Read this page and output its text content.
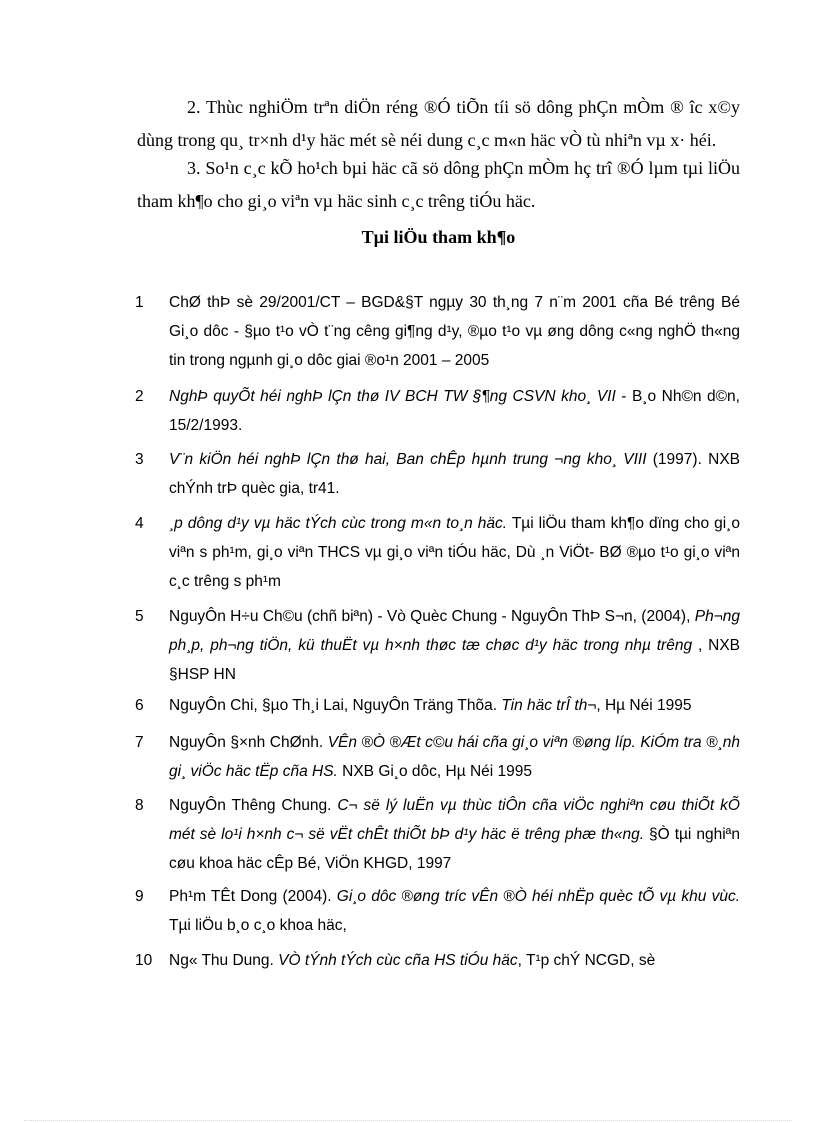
2. Thùc nghiÖm trªn diÖn réng ®Ó tiÕn tíi sö dông phÇn mÒm ® îc x©y dùng trong qu¸ tr×nh d¹y häc mét sè néi dung c¸c m«n häc vÒ tù nhiªn vµ x· héi.
3. So¹n c¸c kÕ ho¹ch bµi häc cã sö dông phÇn mÒm hç trî ®Ó lµm tµi liÖu tham kh¶o cho gi¸o viªn vµ häc sinh c¸c trêng tiÓu häc.
Tµi liÖu tham kh¶o
1	ChØ thÞ sè 29/2001/CT – BGD&§T ngµy 30 th¸ng 7 n¨m 2001 cña Bé trêng Bé Gi¸o dôc - §µo t¹o vÒ t¨ng cêng gi¶ng d¹y, ®µo t¹o vµ øng dông c«ng nghÖ th«ng tin trong ngµnh gi¸o dôc giai ®o¹n 2001 – 2005
2	NghÞ quyÕt héi nghÞ lÇn thø IV BCH TW §¶ng CSVN kho¸ VII - B¸o Nh©n d©n, 15/2/1993.
3	V¨n kiÖn héi nghÞ lÇn thø hai, Ban chÊp hµnh trung ¬ng kho¸ VIII (1997). NXB chÝnh trÞ quèc gia, tr41.
4	¸p dông d¹y vµ häc tÝch cùc trong m«n to¸n häc. Tµi liÖu tham kh¶o dïng cho gi¸o viªn s ph¹m, gi¸o viªn THCS vµ gi¸o viªn tiÓu häc, Dù ¸n ViÖt- BØ ®µo t¹o gi¸o viªn c¸c trêng s ph¹m
5	NguyÔn H÷u Ch©u (chñ biªn) - Vò Quèc Chung - NguyÔn ThÞ S¬n, (2004), Ph¬ng ph¸p, ph¬ng tiÖn, kü thuËt vµ h×nh thøc tæ chøc d¹y häc trong nhµ trêng , NXB §HSP HN
6	NguyÔn Chi, §µo Th¸i Lai, NguyÔn Träng Thõa. Tin häc trÎ th¬, Hµ Néi 1995
7	NguyÔn §×nh ChØnh. VÊn ®Ò ®Æt c©u hái cña gi¸o viªn ®øng líp. KiÓm tra ®¸nh gi¸ viÖc häc tËp cña HS. NXB Gi¸o dôc, Hµ Néi 1995
8	NguyÔn Thêng Chung. C¬ së lý luËn vµ thùc tiÔn cña viÖc nghiªn cøu thiÕt kÕ mét sè lo¹i h×nh c¬ së vËt chÊt thiÕt bÞ d¹y häc ë trêng phæ th«ng. §Ò tµi nghiªn cøu khoa häc cÊp Bé, ViÖn KHGD, 1997
9	Ph¹m TÊt Dong (2004). Gi¸o dôc ®øng tríc vÊn ®Ò héi nhËp quèc tÕ vµ khu vùc. Tµi liÖu b¸o c¸o khoa häc,
10	Ng« Thu Dung. VÒ tÝnh tÝch cùc cña HS tiÓu häc, T¹p chÝ NCGD, sè
